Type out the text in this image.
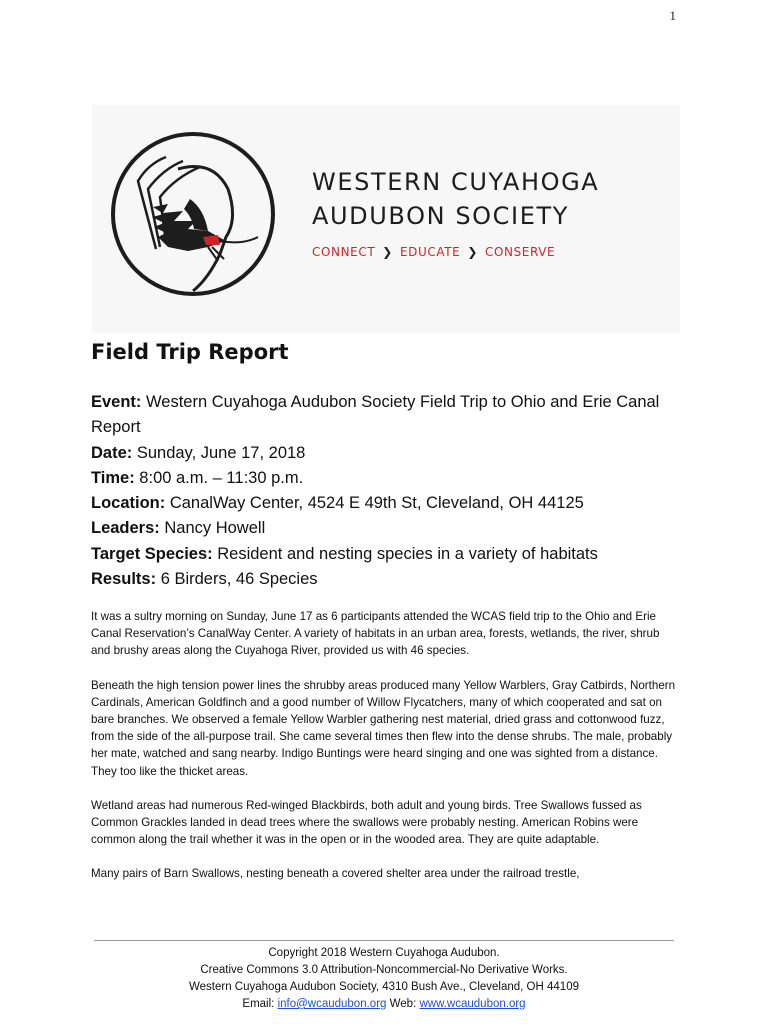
1
WESTERN CUYAHOGA
AUDUBON SOCIETY
CONNECT ❯ EDUCATE ❯ CONSERVE
Field Trip Report
Event: Western Cuyahoga Audubon Society Field Trip to Ohio and Erie Canal Report
Date: Sunday, June 17, 2018
Time: 8:00 a.m. – 11:30 p.m.
Location: CanalWay Center, 4524 E 49th St, Cleveland, OH 44125
Leaders: Nancy Howell
Target Species: Resident and nesting species in a variety of habitats
Results: 6 Birders, 46 Species

It was a sultry morning on Sunday, June 17 as 6 participants attended the WCAS field trip to the Ohio and Erie Canal Reservation’s CanalWay Center. A variety of habitats in an urban area, forests, wetlands, the river, shrub and brushy areas along the Cuyahoga River, provided us with 46 species.

Beneath the high tension power lines the shrubby areas produced many Yellow Warblers, Gray Catbirds, Northern Cardinals, American Goldfinch and a good number of Willow Flycatchers, many of which cooperated and sat on bare branches. We observed a female Yellow Warbler gathering nest material, dried grass and cottonwood fuzz, from the side of the all-purpose trail. She came several times then flew into the dense shrubs. The male, probably her mate, watched and sang nearby. Indigo Buntings were heard singing and one was sighted from a distance. They too like the thicket areas.

Wetland areas had numerous Red-winged Blackbirds, both adult and young birds. Tree Swallows fussed as Common Grackles landed in dead trees where the swallows were probably nesting. American Robins were common along the trail whether it was in the open or in the wooded area. They are quite adaptable.

Many pairs of Barn Swallows, nesting beneath a covered shelter area under the railroad trestle,

Copyright 2018 Western Cuyahoga Audubon.
Creative Commons 3.0 Attribution-Noncommercial-No Derivative Works.
Western Cuyahoga Audubon Society, 4310 Bush Ave., Cleveland, OH 44109
Email: info@wcaudubon.org Web: www.wcaudubon.org
